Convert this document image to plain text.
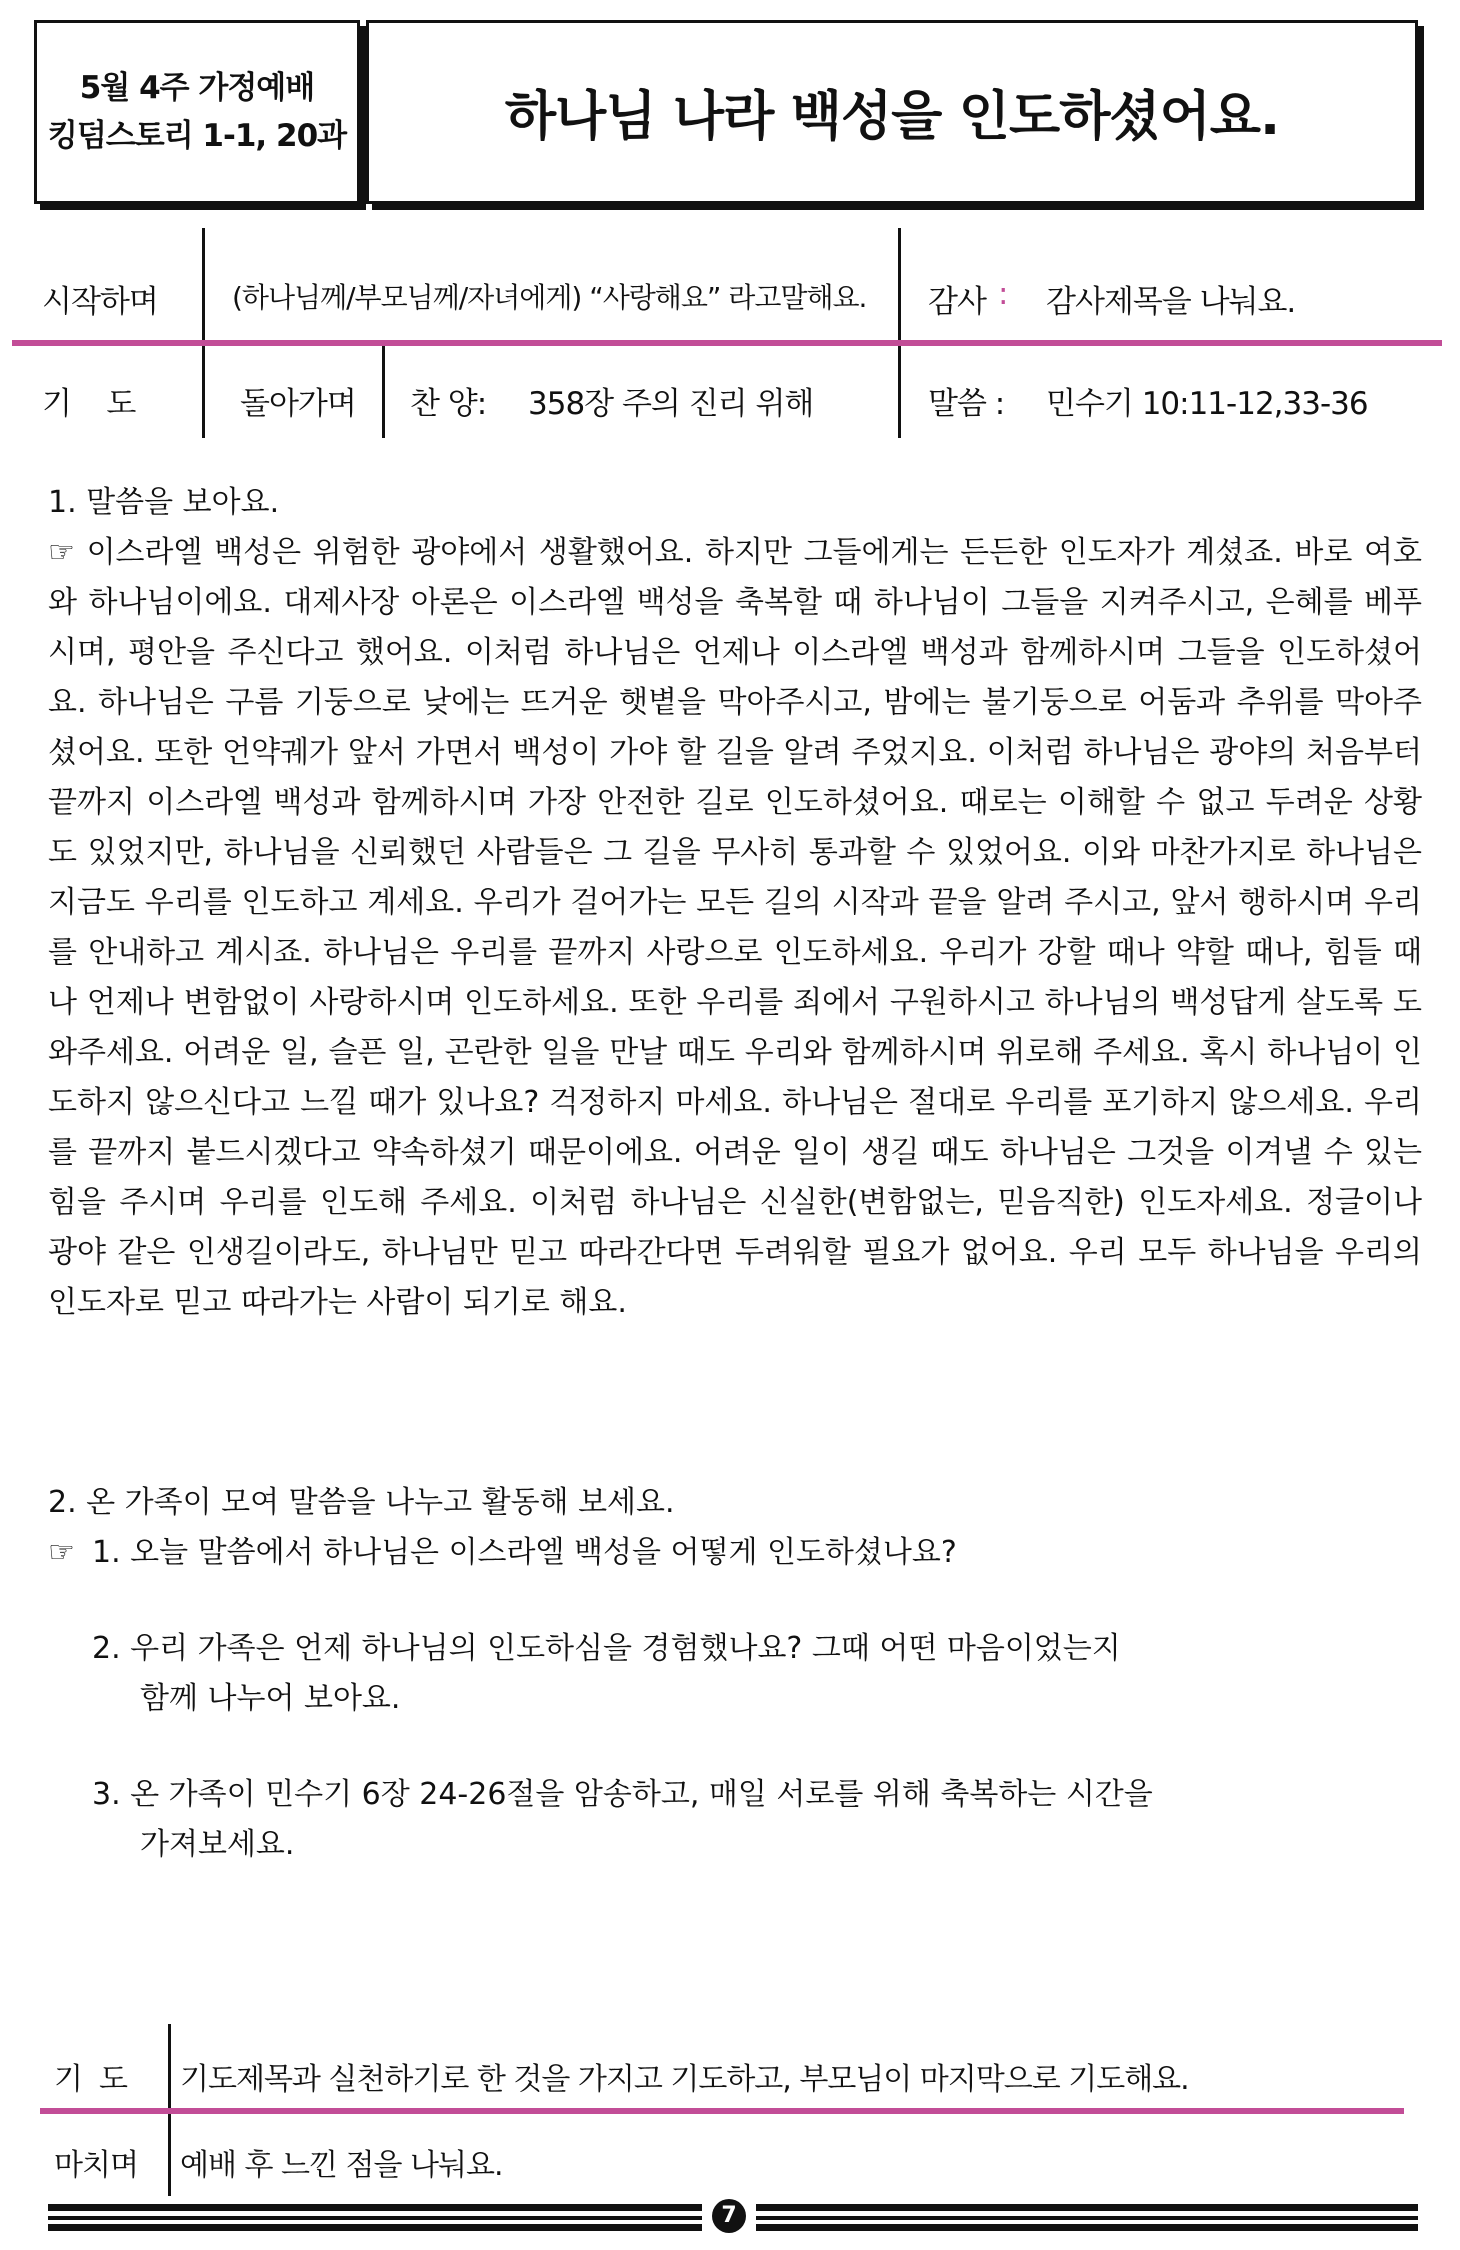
5월 4주 가정예배
킹덤스토리 1-1, 20과	하나님 나라 백성을 인도하셨어요.
시작하며	(하나님께/부모님께/자녀에게) “사랑해요” 라고말해요. 감사 : 감사제목을 나눠요.
기    도	돌아가며 찬 양: 358장 주의 진리 위해	말씀 : 민수기 10:11-12,33-36

1. 말씀을 보아요.

☞ 이스라엘 백성은 위험한 광야에서 생활했어요. 하지만 그들에게는 든든한 인도자가 계셨죠. 바로 여호와 하나님이에요. 대제사장 아론은 이스라엘 백성을 축복할 때 하나님이 그들을 지켜주시고, 은혜를 베푸시며, 평안을 주신다고 했어요. 이처럼 하나님은 언제나 이스라엘 백성과 함께하시며 그들을 인도하셨어요. 하나님은 구름 기둥으로 낮에는 뜨거운 햇볕을 막아주시고, 밤에는 불기둥으로 어둠과 추위를 막아주셨어요. 또한 언약궤가 앞서 가면서 백성이 가야 할 길을 알려 주었지요. 이처럼 하나님은 광야의 처음부터 끝까지 이스라엘 백성과 함께하시며 가장 안전한 길로 인도하셨어요. 때로는 이해할 수 없고 두려운 상황도 있었지만, 하나님을 신뢰했던 사람들은 그 길을 무사히 통과할 수 있었어요. 이와 마찬가지로 하나님은 지금도 우리를 인도하고 계세요. 우리가 걸어가는 모든 길의 시작과 끝을 알려 주시고, 앞서 행하시며 우리를 안내하고 계시죠. 하나님은 우리를 끝까지 사랑으로 인도하세요. 우리가 강할 때나 약할 때나, 힘들 때나 언제나 변함없이 사랑하시며 인도하세요. 또한 우리를 죄에서 구원하시고 하나님의 백성답게 살도록 도와주세요. 어려운 일, 슬픈 일, 곤란한 일을 만날 때도 우리와 함께하시며 위로해 주세요. 혹시 하나님이 인도하지 않으신다고 느낄 때가 있나요? 걱정하지 마세요. 하나님은 절대로 우리를 포기하지 않으세요. 우리를 끝까지 붙드시겠다고 약속하셨기 때문이에요. 어려운 일이 생길 때도 하나님은 그것을 이겨낼 수 있는 힘을 주시며 우리를 인도해 주세요. 이처럼 하나님은 신실한(변함없는, 믿음직한) 인도자세요. 정글이나 광야 같은 인생길이라도, 하나님만 믿고 따라간다면 두려워할 필요가 없어요. 우리 모두 하나님을 우리의 인도자로 믿고 따라가는 사람이 되기로 해요.

2. 온 가족이 모여 말씀을 나누고 활동해 보세요.
☞ 1. 오늘 말씀에서 하나님은 이스라엘 백성을 어떻게 인도하셨나요?
2. 우리 가족은 언제 하나님의 인도하심을 경험했나요? 그때 어떤 마음이었는지
함께 나누어 보아요.
3. 온 가족이 민수기 6장 24-26절을 암송하고, 매일 서로를 위해 축복하는 시간을
가져보세요.
기  도 기도제목과 실천하기로 한 것을 가지고 기도하고, 부모님이 마지막으로 기도해요.
마치며 예배 후 느낀 점을 나눠요.
7
